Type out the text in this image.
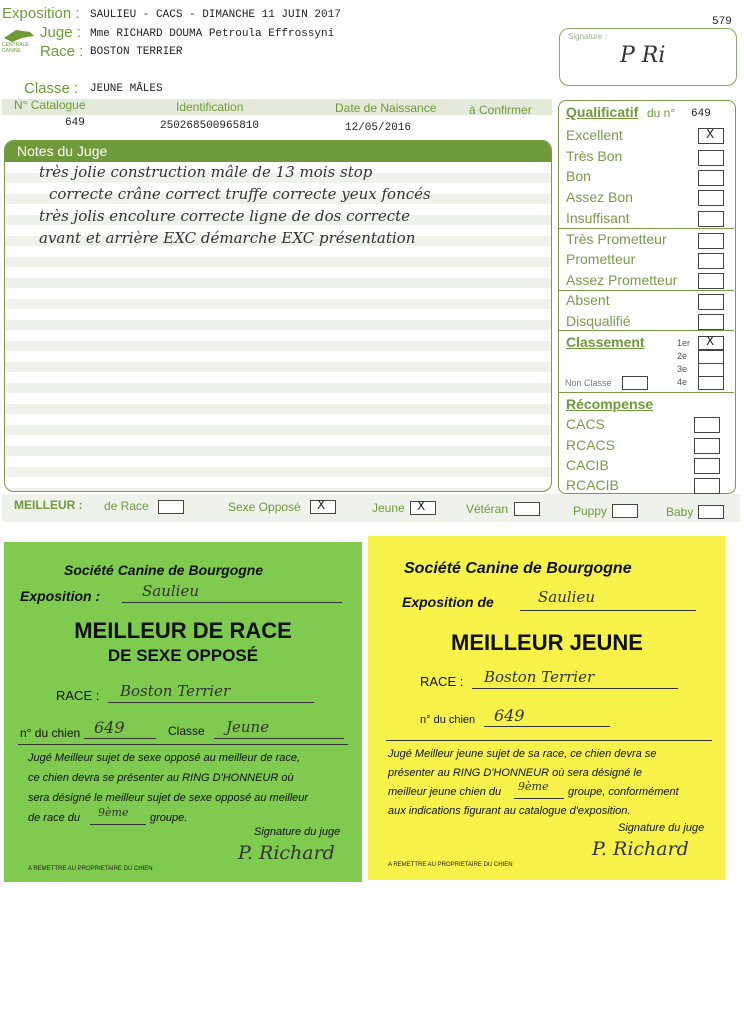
Exposition : SAULIEU - CACS - DIMANCHE 11 JUIN 2017
CENTRALE CANINE
Juge : Mme RICHARD DOUMA Petroula Effrossyni
Race : BOSTON TERRIER
579
Signature :
P Ri
Classe : JEUNE MÂLES
N° Catalogue	Identification	Date de Naissance	à Confirmer
649	250268500965810	12/05/2016
Notes du Juge
très jolie construction mâle de 13 mois stop
correcte crâne correct truffe correcte yeux foncés
très jolis encolure correcte ligne de dos correcte
avant et arrière EXC démarche EXC présentation
Qualificatif du n° 649
Excellent	X
Très Bon
Bon
Assez Bon
Insuffisant
Très Prometteur
Prometteur
Assez Prometteur
Absent
Disqualifié
Classement	1er X
2e
3e
Non Classé	4e
Récompense
CACS
RCACS
CACIB
RCACIB
MEILLEUR : de Race	Sexe Opposé X	Jeune X	Vétéran	Puppy	Baby
Société Canine de Bourgogne
Exposition :	Saulieu
MEILLEUR DE RACE
DE SEXE OPPOSÉ
RACE : Boston Terrier
n° du chien 649	Classe Jeune
Jugé Meilleur sujet de sexe opposé au meilleur de race,
ce chien devra se présenter au RING D'HONNEUR où
sera désigné le meilleur sujet de sexe opposé au meilleur
de race du 9ème groupe.
Signature du juge
P. Richard
A REMETTRE AU PROPRIETAIRE DU CHIEN
Société Canine de Bourgogne
Exposition de	Saulieu
MEILLEUR JEUNE
RACE : Boston Terrier
n° du chien 649
Jugé Meilleur jeune sujet de sa race, ce chien devra se
présenter au RING D'HONNEUR où sera désigné le
meilleur jeune chien du 9ème groupe, conformément
aux indications figurant au catalogue d'exposition.
Signature du juge
P. Richard
A REMETTRE AU PROPRIETAIRE DU CHIEN
